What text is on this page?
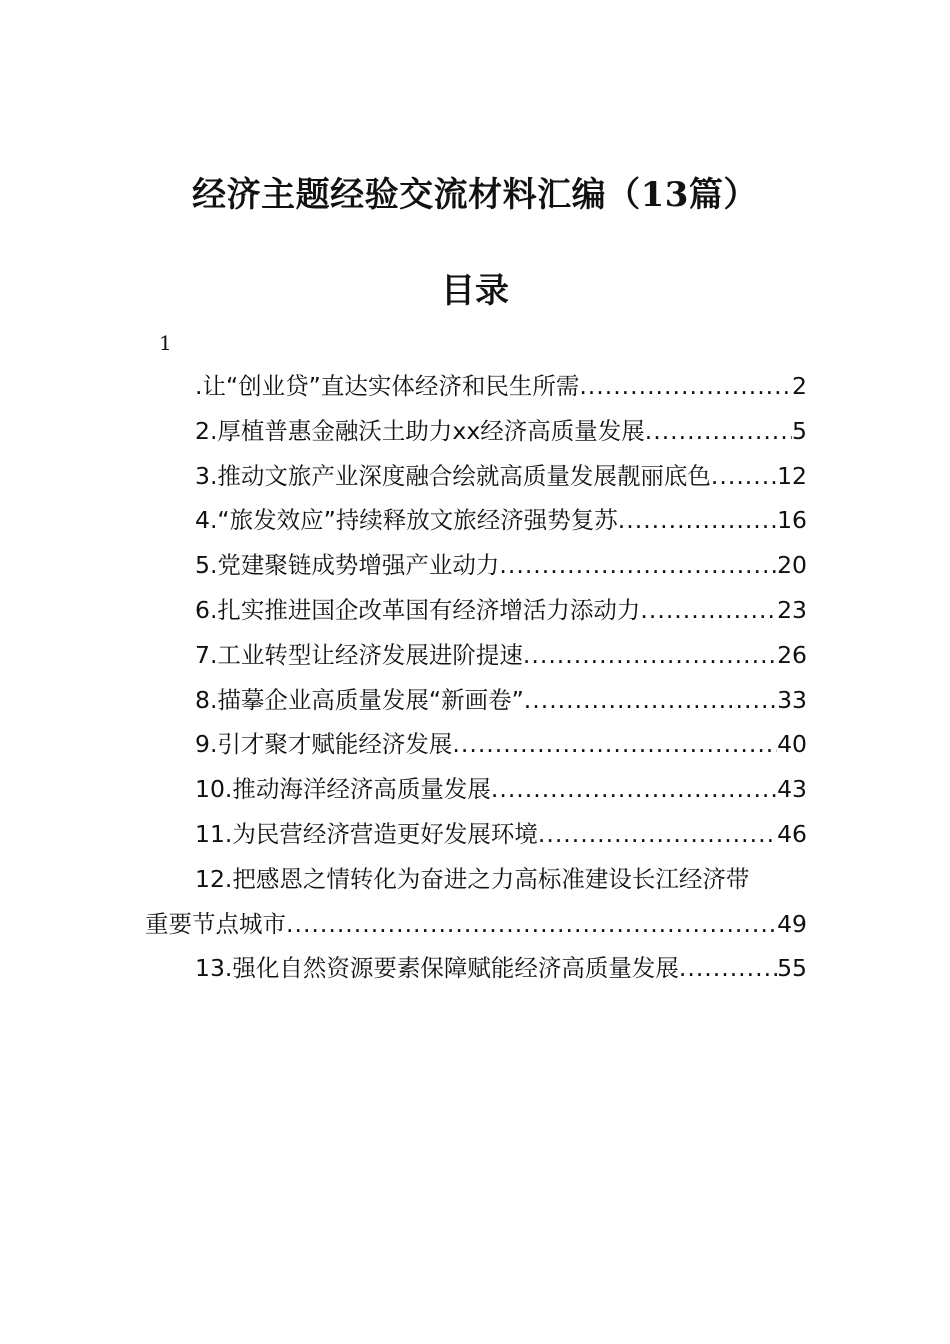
经济主题经验交流材料汇编（13篇）
目录
1
.让“创业贷”直达实体经济和民生所需 .....	2
2.厚植普惠金融沃土助力xx经济高质量发展 .....	5
3.推动文旅产业深度融合绘就高质量发展靓丽底色 .....	12
4.“旅发效应”持续释放文旅经济强势复苏 .....	16
5.党建聚链成势增强产业动力 .....	20
6.扎实推进国企改革国有经济增活力添动力 .....	23
7.工业转型让经济发展进阶提速 .....	26
8.描摹企业高质量发展“新画卷” .....	33
9.引才聚才赋能经济发展 .....	40
10.推动海洋经济高质量发展 .....	43
11.为民营经济营造更好发展环境 .....	46
12.把感恩之情转化为奋进之力高标准建设长江经济带
重要节点城市 .....	49
13.强化自然资源要素保障赋能经济高质量发展 .....	55
